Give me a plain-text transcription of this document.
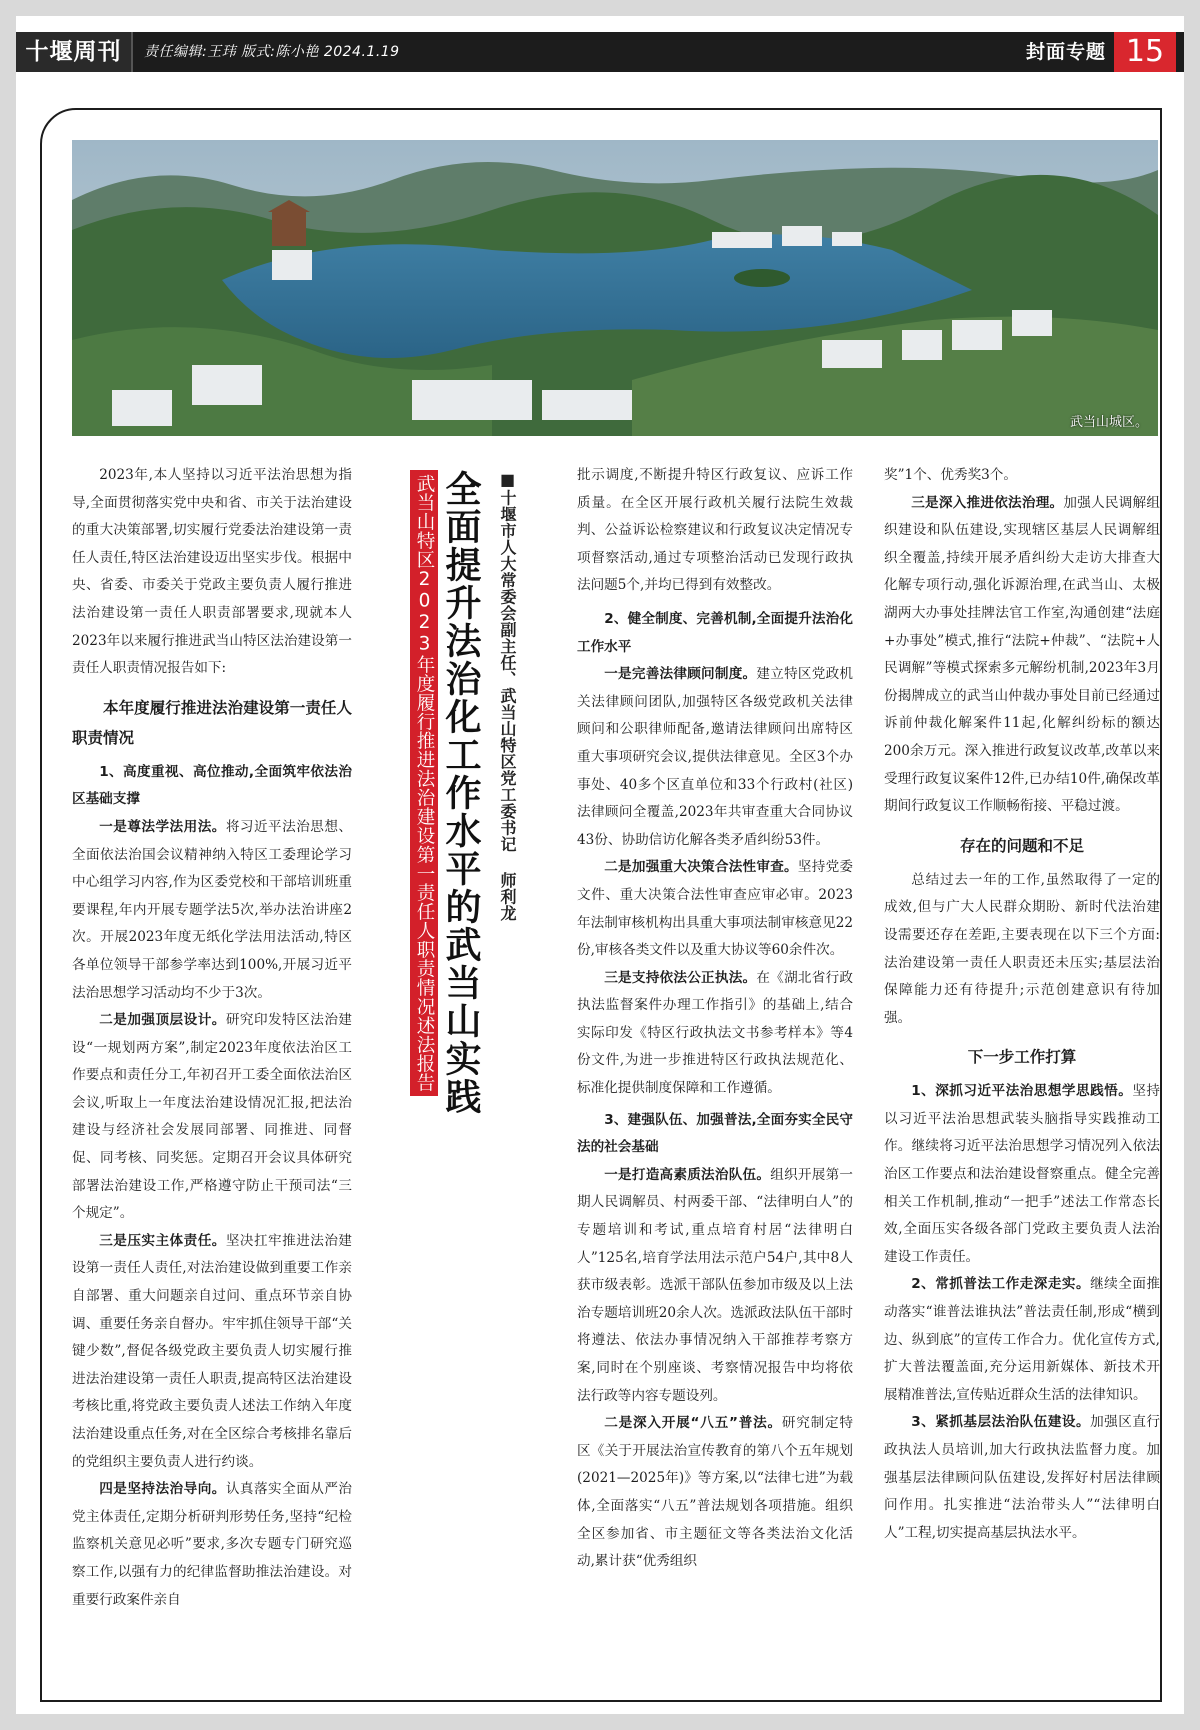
十堰周刊	责任编辑:王玮 版式:陈小艳 2024.1.19	封面专题 15
武当山城区。

2023年,本人坚持以习近平法治思想为指导,全面贯彻落实党中央和省、市关于法治建设的重大决策部署,切实履行党委法治建设第一责任人责任,特区法治建设迈出坚实步伐。根据中央、省委、市委关于党政主要负责人履行推进法治建设第一责任人职责部署要求,现就本人2023年以来履行推进武当山特区法治建设第一责任人职责情况报告如下:

本年度履行推进法治建设第一责任人职责情况
1、高度重视、高位推动,全面筑牢依法治区基础支撑

一是尊法学法用法。将习近平法治思想、全面依法治国会议精神纳入特区工委理论学习中心组学习内容,作为区委党校和干部培训班重要课程,年内开展专题学法5次,举办法治讲座2次。开展2023年度无纸化学法用法活动,特区各单位领导干部参学率达到100%,开展习近平法治思想学习活动均不少于3次。

二是加强顶层设计。研究印发特区法治建设“一规划两方案”,制定2023年度依法治区工作要点和责任分工,年初召开工委全面依法治区会议,听取上一年度法治建设情况汇报,把法治建设与经济社会发展同部署、同推进、同督促、同考核、同奖惩。定期召开会议具体研究部署法治建设工作,严格遵守防止干预司法“三个规定”。

三是压实主体责任。坚决扛牢推进法治建设第一责任人责任,对法治建设做到重要工作亲自部署、重大问题亲自过问、重点环节亲自协调、重要任务亲自督办。牢牢抓住领导干部“关键少数”,督促各级党政主要负责人切实履行推进法治建设第一责任人职责,提高特区法治建设考核比重,将党政主要负责人述法工作纳入年度法治建设重点任务,对在全区综合考核排名靠后的党组织主要负责人进行约谈。

四是坚持法治导向。认真落实全面从严治党主体责任,定期分析研判形势任务,坚持“纪检监察机关意见必听”要求,多次专题专门研究巡察工作,以强有力的纪律监督助推法治建设。对重要行政案件亲自

武当山特区2023年度履行推进法治建设第一责任人职责情况述法报告 全面提升法治化工作水平的武当山实践 ■十堰市人大常委会副主任、武当山特区党工委书记 师利龙	批示调度,不断提升特区行政复议、应诉工作质量。在全区开展行政机关履行法院生效裁判、公益诉讼检察建议和行政复议决定情况专项督察活动,通过专项整治活动已发现行政执法问题5个,并均已得到有效整改。

2、健全制度、完善机制,全面提升法治化工作水平

一是完善法律顾问制度。建立特区党政机关法律顾问团队,加强特区各级党政机关法律顾问和公职律师配备,邀请法律顾问出席特区重大事项研究会议,提供法律意见。全区3个办事处、40多个区直单位和33个行政村(社区)法律顾问全覆盖,2023年共审查重大合同协议43份、协助信访化解各类矛盾纠纷53件。

二是加强重大决策合法性审查。坚持党委文件、重大决策合法性审查应审必审。2023年法制审核机构出具重大事项法制审核意见22份,审核各类文件以及重大协议等60余件次。

三是支持依法公正执法。在《湖北省行政执法监督案件办理工作指引》的基础上,结合实际印发《特区行政执法文书参考样本》等4份文件,为进一步推进特区行政执法规范化、标准化提供制度保障和工作遵循。

3、建强队伍、加强普法,全面夯实全民守法的社会基础

一是打造高素质法治队伍。组织开展第一期人民调解员、村两委干部、“法律明白人”的专题培训和考试,重点培育村居“法律明白人”125名,培育学法用法示范户54户,其中8人获市级表彰。选派干部队伍参加市级及以上法治专题培训班20余人次。选派政法队伍干部时将遵法、依法办事情况纳入干部推荐考察方案,同时在个别座谈、考察情况报告中均将依法行政等内容专题设列。

二是深入开展“八五”普法。研究制定特区《关于开展法治宣传教育的第八个五年规划(2021—2025年)》等方案,以“法律七进”为载体,全面落实“八五”普法规划各项措施。组织全区参加省、市主题征文等各类法治文化活动,累计获“优秀组织

奖”1个、优秀奖3个。

三是深入推进依法治理。加强人民调解组织建设和队伍建设,实现辖区基层人民调解组织全覆盖,持续开展矛盾纠纷大走访大排查大化解专项行动,强化诉源治理,在武当山、太极湖两大办事处挂牌法官工作室,沟通创建“法庭+办事处”模式,推行“法院+仲裁”、“法院+人民调解”等模式探索多元解纷机制,2023年3月份揭牌成立的武当山仲裁办事处目前已经通过诉前仲裁化解案件11起,化解纠纷标的额达200余万元。深入推进行政复议改革,改革以来受理行政复议案件12件,已办结10件,确保改革期间行政复议工作顺畅衔接、平稳过渡。

存在的问题和不足

总结过去一年的工作,虽然取得了一定的成效,但与广大人民群众期盼、新时代法治建设需要还存在差距,主要表现在以下三个方面:法治建设第一责任人职责还未压实;基层法治保障能力还有待提升;示范创建意识有待加强。

下一步工作打算

1、深抓习近平法治思想学思践悟。坚持以习近平法治思想武装头脑指导实践推动工作。继续将习近平法治思想学习情况列入依法治区工作要点和法治建设督察重点。健全完善相关工作机制,推动“一把手”述法工作常态长效,全面压实各级各部门党政主要负责人法治建设工作责任。

2、常抓普法工作走深走实。继续全面推动落实“谁普法谁执法”普法责任制,形成“横到边、纵到底”的宣传工作合力。优化宣传方式,扩大普法覆盖面,充分运用新媒体、新技术开展精准普法,宣传贴近群众生活的法律知识。

3、紧抓基层法治队伍建设。加强区直行政执法人员培训,加大行政执法监督力度。加强基层法律顾问队伍建设,发挥好村居法律顾问作用。扎实推进“法治带头人”“法律明白人”工程,切实提高基层执法水平。
